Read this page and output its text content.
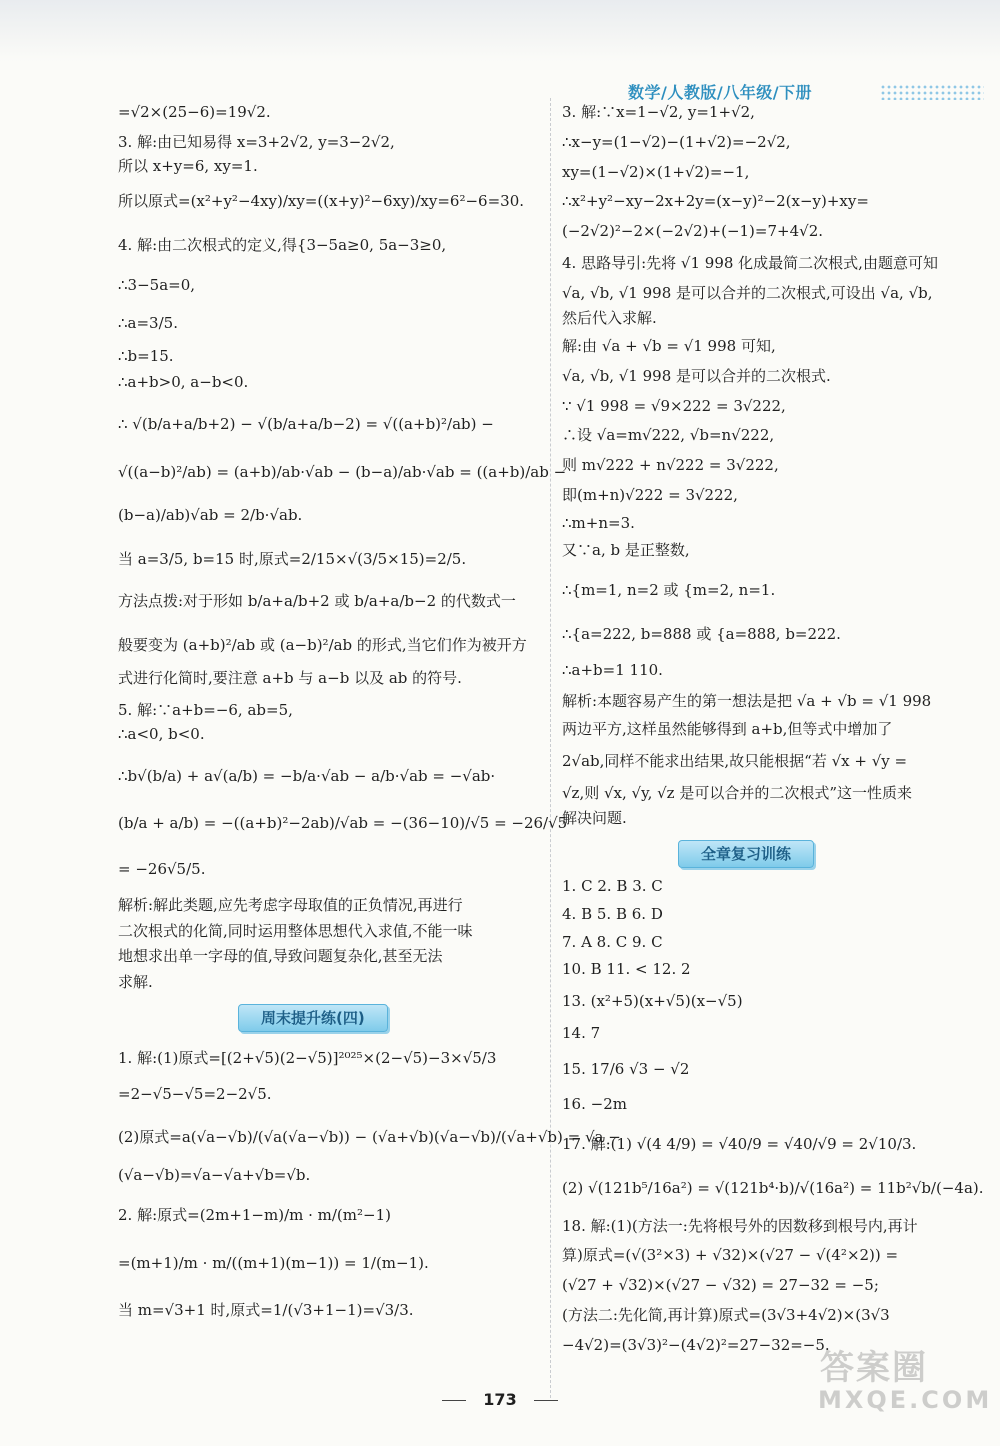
数学/人教版/八年级/下册

=√2×(25−6)=19√2.

3. 解:由已知易得 x=3+2√2, y=3−2√2,

所以 x+y=6, xy=1.

所以原式=(x²+y²−4xy)/xy=((x+y)²−6xy)/xy=6²−6=30.

4. 解:由二次根式的定义,得{3−5a≥0, 5a−3≥0,

∴3−5a=0,

∴a=3/5.

∴b=15.

∴a+b>0, a−b<0.

∴ √(b/a+a/b+2) − √(b/a+a/b−2) = √((a+b)²/ab) −

√((a−b)²/ab) = (a+b)/ab·√ab − (b−a)/ab·√ab = ((a+b)/ab −

(b−a)/ab)√ab = 2/b·√ab.

当 a=3/5, b=15 时,原式=2/15×√(3/5×15)=2/5.

方法点拨:对于形如 b/a+a/b+2 或 b/a+a/b−2 的代数式一

般要变为 (a+b)²/ab 或 (a−b)²/ab 的形式,当它们作为被开方

式进行化简时,要注意 a+b 与 a−b 以及 ab 的符号.

5. 解:∵a+b=−6, ab=5,

∴a<0, b<0.

∴b√(b/a) + a√(a/b) = −b/a·√ab − a/b·√ab = −√ab·

(b/a + a/b) = −((a+b)²−2ab)/√ab = −(36−10)/√5 = −26/√5

= −26√5/5.

解析:解此类题,应先考虑字母取值的正负情况,再进行

二次根式的化简,同时运用整体思想代入求值,不能一味

地想求出单一字母的值,导致问题复杂化,甚至无法

求解.

周末提升练(四)

1. 解:(1)原式=[(2+√5)(2−√5)]²⁰²⁵×(2−√5)−3×√5/3

=2−√5−√5=2−2√5.

(2)原式=a(√a−√b)/(√a(√a−√b)) − (√a+√b)(√a−√b)/(√a+√b) = √a −

(√a−√b)=√a−√a+√b=√b.

2. 解:原式=(2m+1−m)/m · m/(m²−1)

=(m+1)/m · m/((m+1)(m−1)) = 1/(m−1).

当 m=√3+1 时,原式=1/(√3+1−1)=√3/3.

3. 解:∵x=1−√2, y=1+√2,

∴x−y=(1−√2)−(1+√2)=−2√2,

xy=(1−√2)×(1+√2)=−1,

∴x²+y²−xy−2x+2y=(x−y)²−2(x−y)+xy=

(−2√2)²−2×(−2√2)+(−1)=7+4√2.

4. 思路导引:先将 √1 998 化成最简二次根式,由题意可知

√a, √b, √1 998 是可以合并的二次根式,可设出 √a, √b,

然后代入求解.

解:由 √a + √b = √1 998 可知,

√a, √b, √1 998 是可以合并的二次根式.

∵ √1 998 = √9×222 = 3√222,

∴设 √a=m√222, √b=n√222,

则 m√222 + n√222 = 3√222,

即(m+n)√222 = 3√222,

∴m+n=3.

又∵a, b 是正整数,

∴{m=1, n=2 或 {m=2, n=1.

∴{a=222, b=888 或 {a=888, b=222.

∴a+b=1 110.

解析:本题容易产生的第一想法是把 √a + √b = √1 998

两边平方,这样虽然能够得到 a+b,但等式中增加了

2√ab,同样不能求出结果,故只能根据“若 √x + √y =

√z,则 √x, √y, √z 是可以合并的二次根式”这一性质来

解决问题.

全章复习训练

1. C 2. B 3. C

4. B 5. B 6. D

7. A 8. C 9. C

10. B 11. < 12. 2

13. (x²+5)(x+√5)(x−√5)

14. 7

15. 17/6 √3 − √2

16. −2m

17. 解:(1) √(4 4/9) = √40/9 = √40/√9 = 2√10/3.

(2) √(121b⁵/16a²) = √(121b⁴·b)/√(16a²) = 11b²√b/(−4a).

18. 解:(1)(方法一:先将根号外的因数移到根号内,再计

算)原式=(√(3²×3) + √32)×(√27 − √(4²×2)) =

(√27 + √32)×(√27 − √32) = 27−32 = −5;

(方法二:先化简,再计算)原式=(3√3+4√2)×(3√3

−4√2)=(3√3)²−(4√2)²=27−32=−5.

173
答案圈
MXQE.COM
